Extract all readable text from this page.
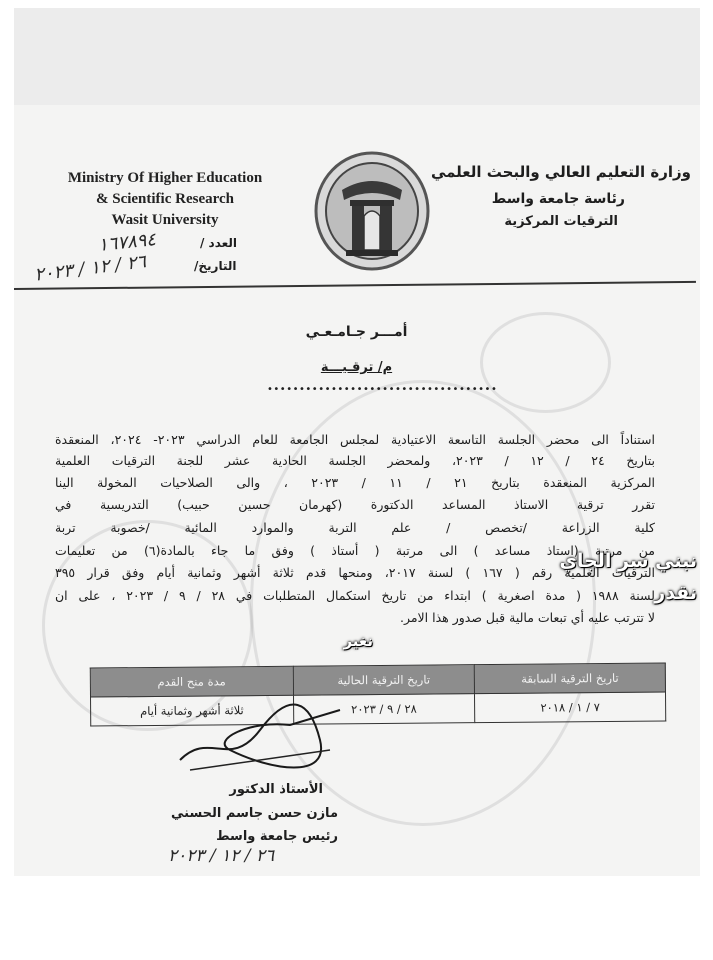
Ministry Of Higher Education
& Scientific Research
Wasit University
وزارة التعليم العالي والبحث العلمي
رئاسة جامعة واسط
الترقيات المركزية
العدد /
١٦٧٨٩٤
التاريخ/
٢٦ / ١٢ / ٢٠٢٣
أمـــر جـامـعـي
م/ ترقـيـــة
••••••••••••••••••••••••••••••••••••
استناداً الى محضر الجلسة التاسعة الاعتيادية لمجلس الجامعة للعام الدراسي ٢٠٢٣- ٢٠٢٤، المنعقدة
بتاريخ ٢٤ / ١٢ / ٢٠٢٣، ولمحضر الجلسة الحادية عشر للجنة الترقيات العلمية
المركزية المنعقدة بتاريخ ٢١ / ١١ / ٢٠٢٣ ، والى الصلاحيات المخولة الينا
تقرر ترقية الاستاذ المساعد الدكتورة (كهرمان حسين حبيب) التدريسية في
كلية الزراعة /تخصص / علم التربة والموارد المائية /خصوبة تربة
من مرتبة (استاذ مساعد ) الى مرتبة ( أستاذ ) وفق ما جاء بالمادة(٦) من تعليمات
الترقيات العلمية رقم ( ١٦٧ ) لسنة ٢٠١٧، ومنحها قدم ثلاثة أشهر وثمانية أيام وفق قرار ٣٩٥
لسنة ١٩٨٨ ( مدة اصغرية ) ابتداء من تاريخ استكمال المتطلبات في ٢٨ / ٩ / ٢٠٢٣ ، على ان
لا تترتب عليه أي تبعات مالية قبل صدور هذا الامر.
تاريخ الترقية السابقة	تاريخ الترقية الحالية	مدة منح القدم
٧ / ١ / ٢٠١٨	٢٨ / ٩ / ٢٠٢٣	ثلاثة أشهر وثمانية أيام
الأستاذ الدكتور
مازن حسن جاسم الحسني
رئيس جامعة واسط
٢٦ / ١٢ / ٢٠٢٣
نبني سر الجاي
نقدر
نغير
